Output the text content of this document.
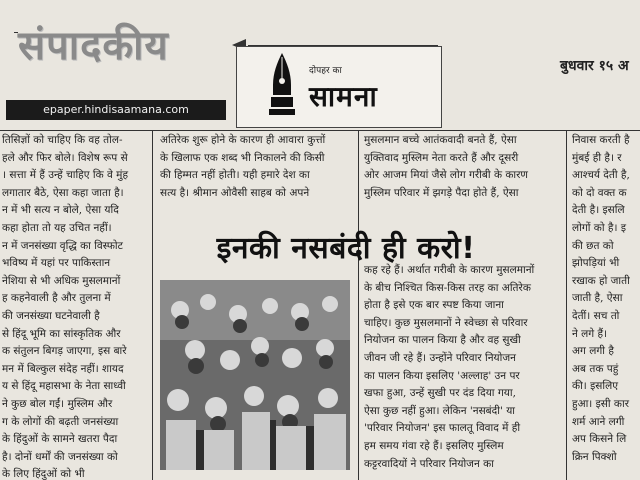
संपादकीय
epaper.hindisaamana.com
दोपहर का
सामना
बुधवार १५ अ
तिसिज्ञों को चाहिए कि वह तोल-
हले और फिर बोले। विशेष रूप से
। सत्ता में हैं उन्हें चाहिए कि वे मुंह
लगातार बैठे, ऐसा कहा जाता है।
न में भी सत्य न बोले, ऐसा यदि
कहा होता तो यह उचित नहीं।
न में जनसंख्या वृद्धि का विस्फोट
भविष्य में यहां पर पाकिस्तान
नेशिया से भी अधिक मुसलमानों
ह कहनेवाली है और तुलना में
की जनसंख्या घटनेवाली है
से हिंदू भूमि का सांस्कृतिक और
क संतुलन बिगड़ जाएगा, इस बारे
मन में बिल्कुल संदेह नहीं। शायद
य से हिंदू महासभा के नेता साध्वी
ने कुछ बोल गईं। मुस्लिम और
ग के लोगों की बढ़ती जनसंख्या
के हिंदुओं के सामने खतरा पैदा
है। दोनों धर्मों की जनसंख्या को
के लिए हिंदुओं को भी
अतिरेक शुरू होने के कारण ही आवारा कुत्तों
के खिलाफ एक शब्द भी निकालने की किसी
की हिम्मत नहीं होती। यही हमारे देश का
सत्य है। श्रीमान ओवैसी साहब को अपने
मुसलमान बच्चे आतंकवादी बनते हैं, ऐसा
युक्तिवाद मुस्लिम नेता करते हैं और दूसरी
ओर आजम मियां जैसे लोग गरीबी के कारण
मुस्लिम परिवार में झगड़े पैदा होते हैं, ऐसा
इनकी नसबंदी ही करो!
कह रहे हैं। अर्थात गरीबी के कारण मुसलमानों
के बीच निश्चित किस-किस तरह का अतिरेक
होता है इसे एक बार स्पष्ट किया जाना
चाहिए। कुछ मुसलमानों ने स्वेच्छा से परिवार
नियोजन का पालन किया है और वह सुखी
जीवन जी रहे हैं। उन्होंने परिवार नियोजन
का पालन किया इसलिए 'अल्लाह' उन पर
खफा हुआ, उन्हें सुखी पर दंड दिया गया,
ऐसा कुछ नहीं हुआ। लेकिन 'नसबंदी' या
'परिवार नियोजन' इस फालतू विवाद में ही
हम समय गंवा रहे हैं। इसलिए मुस्लिम
कट्टरवादियों ने परिवार नियोजन का
निवास करती है
मुंबई ही है। र
आश्चर्य देती है,
को दो वक्त क
देती है। इसलि
लोगों को है। इ
की छत को
झोपड़ियां भी
रखाक हो जाती
जाती है, ऐसा
देतीं। सच तो
ने लगे हैं।
अग लगी है
अब तक पहुं
की। इसलिए
हुआ। इसी कार
शर्म आने लगी
अप किसने लि
क्रिन पिक्शो
